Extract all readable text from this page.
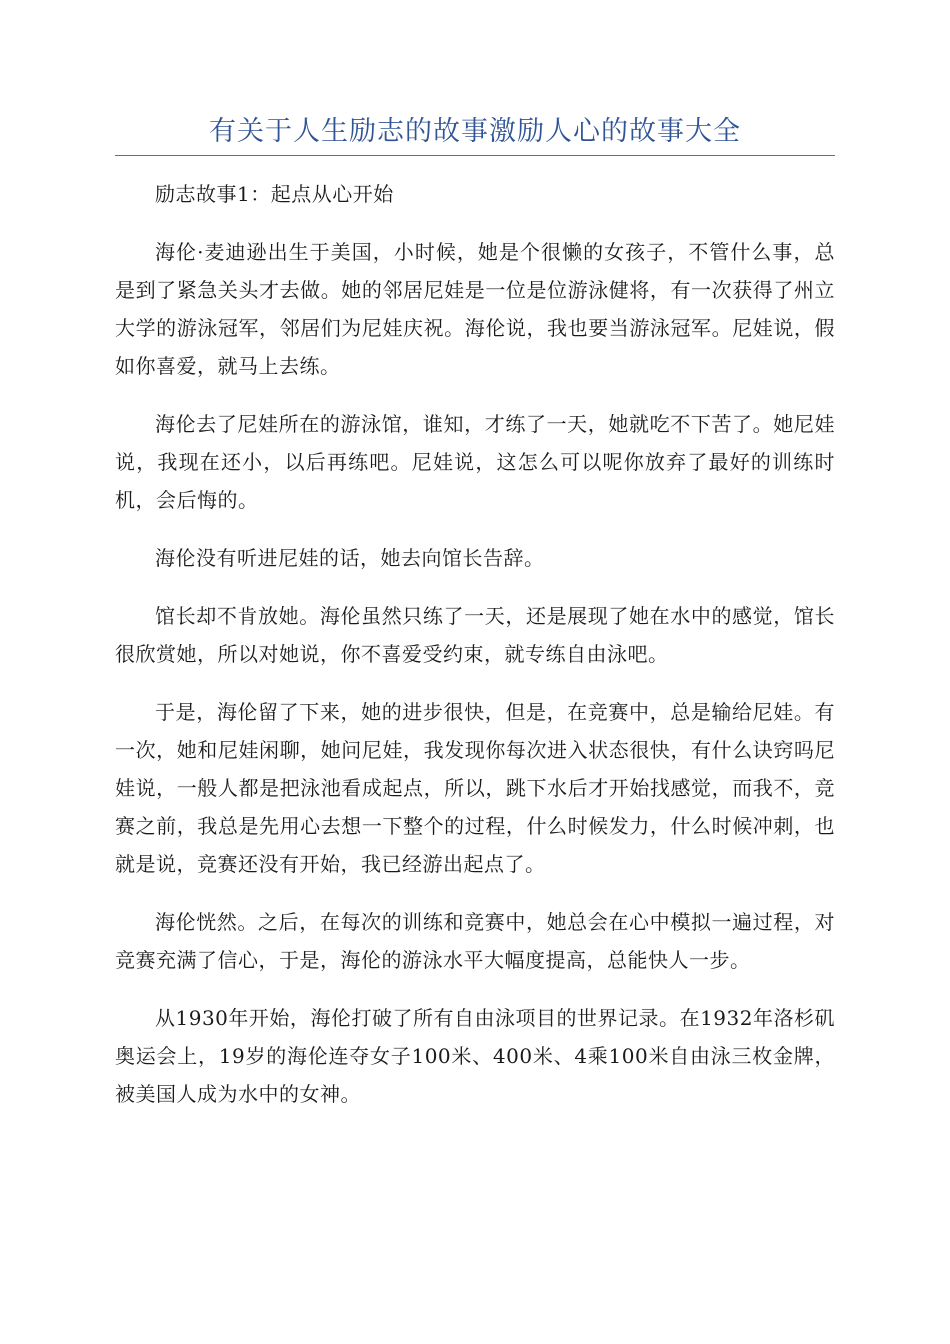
有关于人生励志的故事激励人心的故事大全

励志故事1：起点从心开始

海伦·麦迪逊出生于美国，小时候，她是个很懒的女孩子，不管什么事，总是到了紧急关头才去做。她的邻居尼娃是一位是位游泳健将，有一次获得了州立大学的游泳冠军，邻居们为尼娃庆祝。海伦说，我也要当游泳冠军。尼娃说，假如你喜爱，就马上去练。

海伦去了尼娃所在的游泳馆，谁知，才练了一天，她就吃不下苦了。她尼娃说，我现在还小，以后再练吧。尼娃说，这怎么可以呢你放弃了最好的训练时机，会后悔的。

海伦没有听进尼娃的话，她去向馆长告辞。

馆长却不肯放她。海伦虽然只练了一天，还是展现了她在水中的感觉，馆长很欣赏她，所以对她说，你不喜爱受约束，就专练自由泳吧。

于是，海伦留了下来，她的进步很快，但是，在竞赛中，总是输给尼娃。有一次，她和尼娃闲聊，她问尼娃，我发现你每次进入状态很快，有什么诀窍吗尼娃说，一般人都是把泳池看成起点，所以，跳下水后才开始找感觉，而我不，竞赛之前，我总是先用心去想一下整个的过程，什么时候发力，什么时候冲刺，也就是说，竞赛还没有开始，我已经游出起点了。

海伦恍然。之后，在每次的训练和竞赛中，她总会在心中模拟一遍过程，对竞赛充满了信心，于是，海伦的游泳水平大幅度提高，总能快人一步。

从1930年开始，海伦打破了所有自由泳项目的世界记录。在1932年洛杉矶奥运会上，19岁的海伦连夺女子100米、400米、4乘100米自由泳三枚金牌，被美国人成为水中的女神。
